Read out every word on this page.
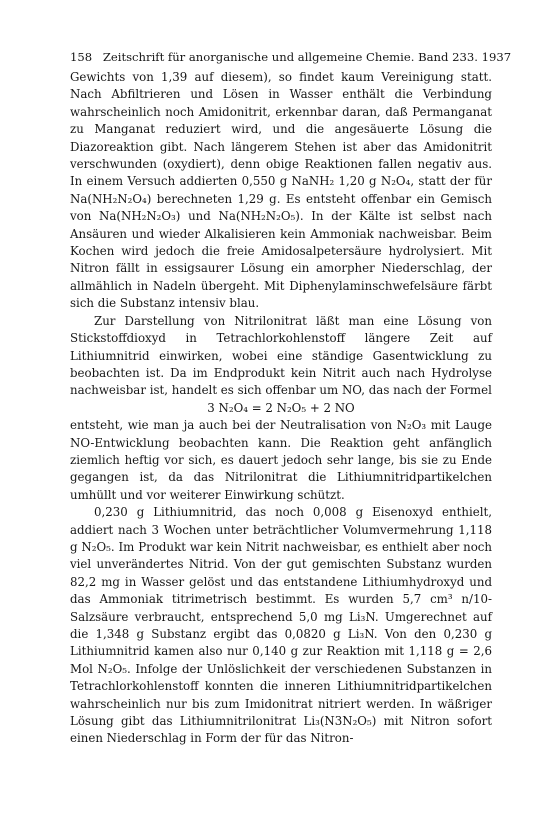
158 Zeitschrift für anorganische und allgemeine Chemie. Band 233. 1937

Gewichts von 1,39 auf diesem), so findet kaum Vereinigung statt. Nach Abfiltrieren und Lösen in Wasser enthält die Verbindung wahrscheinlich noch Amidonitrit, erkennbar daran, daß Permanganat zu Manganat reduziert wird, und die angesäuerte Lösung die Diazoreaktion gibt. Nach längerem Stehen ist aber das Amidonitrit verschwunden (oxydiert), denn obige Reaktionen fallen negativ aus. In einem Versuch addierten 0,550 g NaNH₂ 1,20 g N₂O₄, statt der für Na(NH₂N₂O₄) berechneten 1,29 g. Es entsteht offenbar ein Gemisch von Na(NH₂N₂O₃) und Na(NH₂N₂O₅). In der Kälte ist selbst nach Ansäuren und wieder Alkalisieren kein Ammoniak nachweisbar. Beim Kochen wird jedoch die freie Amidosalpetersäure hydrolysiert. Mit Nitron fällt in essigsaurer Lösung ein amorpher Niederschlag, der allmählich in Nadeln übergeht. Mit Diphenylaminschwefelsäure färbt sich die Substanz intensiv blau.

Zur Darstellung von Nitrilonitrat läßt man eine Lösung von Stickstoffdioxyd in Tetrachlorkohlenstoff längere Zeit auf Lithiumnitrid einwirken, wobei eine ständige Gasentwicklung zu beobachten ist. Da im Endprodukt kein Nitrit auch nach Hydrolyse nachweisbar ist, handelt es sich offenbar um NO, das nach der Formel

3 N₂O₄ = 2 N₂O₅ + 2 NO

entsteht, wie man ja auch bei der Neutralisation von N₂O₃ mit Lauge NO-Entwicklung beobachten kann. Die Reaktion geht anfänglich ziemlich heftig vor sich, es dauert jedoch sehr lange, bis sie zu Ende gegangen ist, da das Nitrilonitrat die Lithiumnitridpartikelchen umhüllt und vor weiterer Einwirkung schützt.

0,230 g Lithiumnitrid, das noch 0,008 g Eisenoxyd enthielt, addiert nach 3 Wochen unter beträchtlicher Volumvermehrung 1,118 g N₂O₅. Im Produkt war kein Nitrit nachweisbar, es enthielt aber noch viel unverändertes Nitrid. Von der gut gemischten Substanz wurden 82,2 mg in Wasser gelöst und das entstandene Lithiumhydroxyd und das Ammoniak titrimetrisch bestimmt. Es wurden 5,7 cm³ n/10-Salzsäure verbraucht, entsprechend 5,0 mg Li₃N. Umgerechnet auf die 1,348 g Substanz ergibt das 0,0820 g Li₃N. Von den 0,230 g Lithiumnitrid kamen also nur 0,140 g zur Reaktion mit 1,118 g = 2,6 Mol N₂O₅. Infolge der Unlöslichkeit der verschiedenen Substanzen in Tetrachlorkohlenstoff konnten die inneren Lithiumnitridpartikelchen wahrscheinlich nur bis zum Imidonitrat nitriert werden. In wäßriger Lösung gibt das Lithiumnitrilonitrat Li₃(N3N₂O₅) mit Nitron sofort einen Niederschlag in Form der für das Nitron-
